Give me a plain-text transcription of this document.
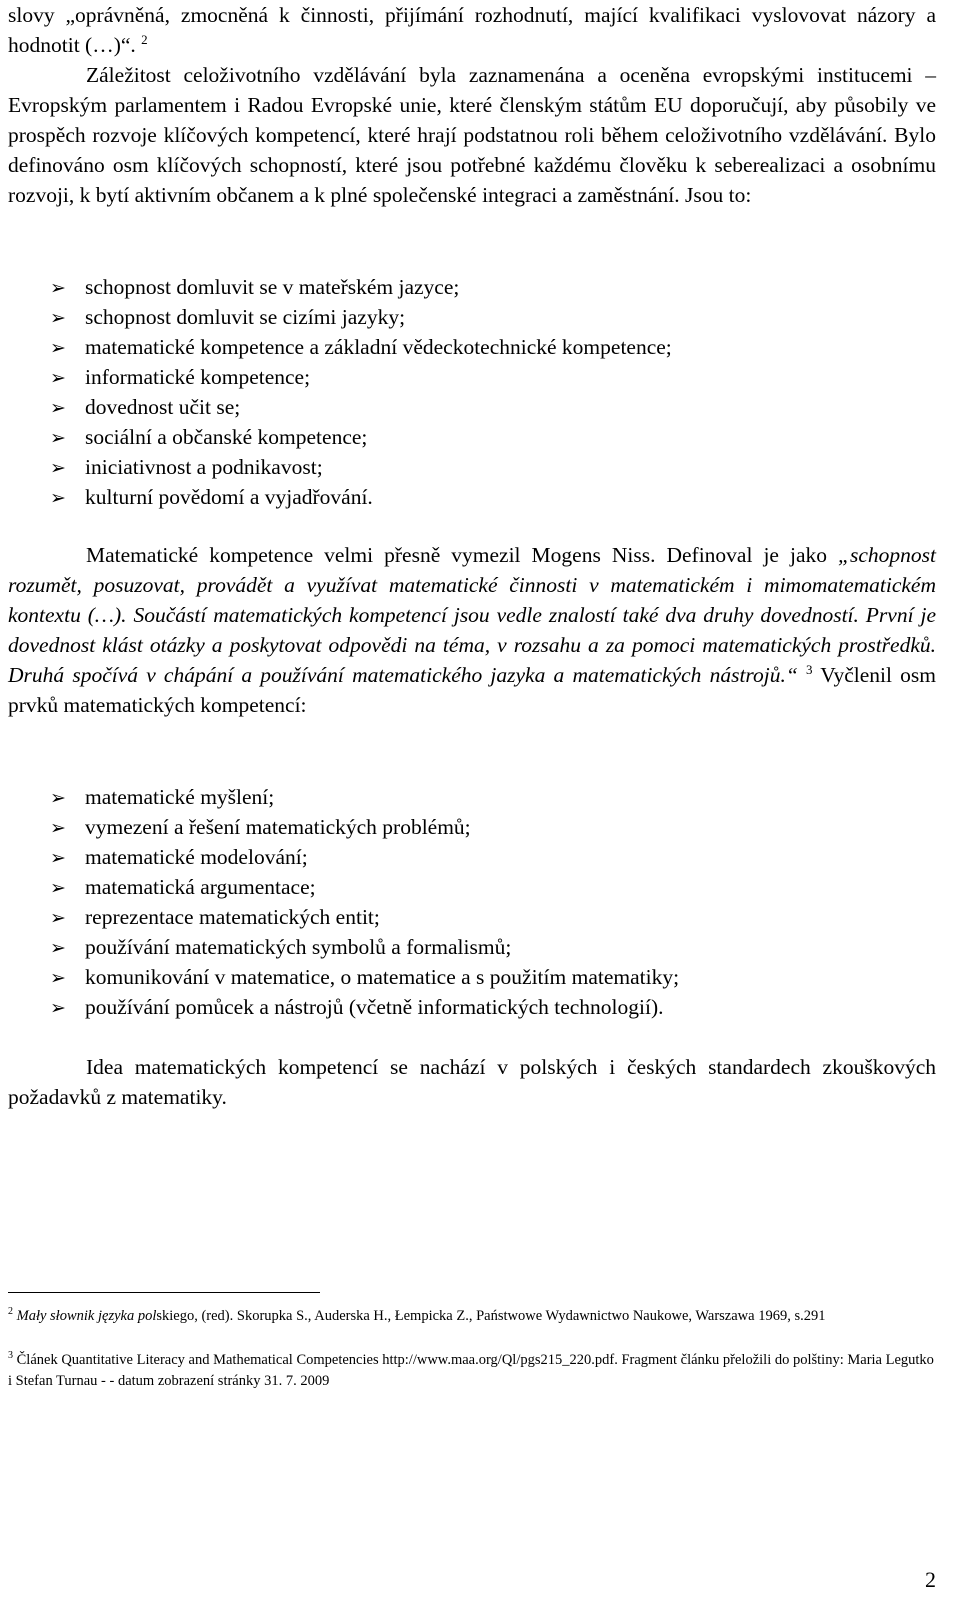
slovy „oprávněná, zmocněná k činnosti, přijímání rozhodnutí, mající kvalifikaci vyslovovat názory a hodnotit (…)“. $^2$

Záležitost celoživotního vzdělávání byla zaznamenána a oceněna evropskými institucemi – Evropským parlamentem i Radou Evropské unie, které členským státům EU doporučují, aby působily ve prospěch rozvoje klíčových kompetencí, které hrají podstatnou roli během celoživotního vzdělávání. Bylo definováno osm klíčových schopností, které jsou potřebné každému člověku k seberealizaci a osobnímu rozvoji, k bytí aktivním občanem a k plné společenské integraci a zaměstnání. Jsou to:

➢ schopnost domluvit se v mateřském jazyce;
➢ schopnost domluvit se cizími jazyky;
➢ matematické kompetence a základní vědeckotechnické kompetence;
➢ informatické kompetence;
➢ dovednost učit se;
➢ sociální a občanské kompetence;
➢ iniciativnost a podnikavost;
➢ kulturní povědomí a vyjadřování.

Matematické kompetence velmi přesně vymezil Mogens Niss. Definoval je jako „schopnost rozumět, posuzovat, provádět a využívat matematické činnosti v matematickém i mimomatematickém kontextu (…). Součástí matematických kompetencí jsou vedle znalostí také dva druhy dovedností. První je dovednost klást otázky a poskytovat odpovědi na téma, v rozsahu a za pomoci matematických prostředků. Druhá spočívá v chápání a používání matematického jazyka a matematických nástrojů.“ $^3$ Vyčlenil osm prvků matematických kompetencí:

➢ matematické myšlení;
➢ vymezení a řešení matematických problémů;
➢ matematické modelování;
➢ matematická argumentace;
➢ reprezentace matematických entit;
➢ používání matematických symbolů a formalismů;
➢ komunikování v matematice, o matematice a s použitím matematiky;
➢ používání pomůcek a nástrojů (včetně informatických technologií).

Idea matematických kompetencí se nachází v polských i českých standardech zkouškových požadavků z matematiky.

$^2$ Mały słownik języka polskiego, (red). Skorupka S., Auderska H., Łempicka Z., Państwowe Wydawnictwo Naukowe, Warszawa 1969, s.291

$^3$ Článek Quantitative Literacy and Mathematical Competencies http://www.maa.org/Ql/pgs215_220.pdf. Fragment článku přeložili do polštiny: Maria Legutko i Stefan Turnau - - datum zobrazení stránky 31. 7. 2009

2
